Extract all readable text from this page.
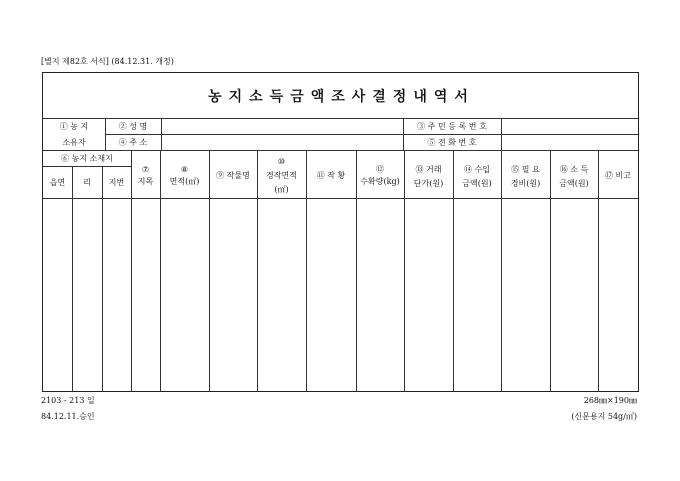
[별지 제82호 서식] (84.12.31. 개정)
농지소득금액조사결정내역서
① 농 지
소유자
② 성 명
④ 주 소
③ 주 민 등 록 번 호
⑤ 전 화 번 호
⑥ 농지 소재지
읍면	리	지번
⑦
지목
⑧
면적(㎡)
⑨ 작물명
⑩
경작면적
(㎡)
⑪ 작 황
⑫
수확량(kg)
⑬ 거래
단가(원)
⑭ 수입
금액(원)
⑮ 필 요
경비(원)
⑯ 소 득
금액(원)
⑰ 비고
2103 - 213 일
84.12.11.승인
268㎜×190㎜
(신문용지 54g/㎡)
